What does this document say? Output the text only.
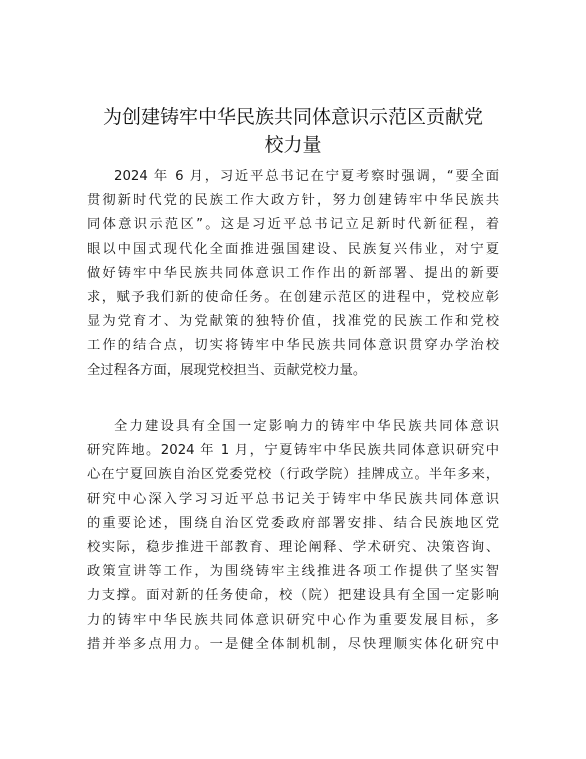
为创建铸牢中华民族共同体意识示范区贡献党
校力量
2024 年 6 月，习近平总书记在宁夏考察时强调，“要全面
贯彻新时代党的民族工作大政方针，努力创建铸牢中华民族共
同体意识示范区”。这是习近平总书记立足新时代新征程，着
眼以中国式现代化全面推进强国建设、民族复兴伟业，对宁夏
做好铸牢中华民族共同体意识工作作出的新部署、提出的新要
求，赋予我们新的使命任务。在创建示范区的进程中，党校应彰
显为党育才、为党献策的独特价值，找准党的民族工作和党校
工作的结合点，切实将铸牢中华民族共同体意识贯穿办学治校
全过程各方面，展现党校担当、贡献党校力量。
全力建设具有全国一定影响力的铸牢中华民族共同体意识
研究阵地。2024 年 1 月，宁夏铸牢中华民族共同体意识研究中
心在宁夏回族自治区党委党校（行政学院）挂牌成立。半年多来，
研究中心深入学习习近平总书记关于铸牢中华民族共同体意识
的重要论述，围绕自治区党委政府部署安排、结合民族地区党
校实际，稳步推进干部教育、理论阐释、学术研究、决策咨询、
政策宣讲等工作，为围绕铸牢主线推进各项工作提供了坚实智
力支撑。面对新的任务使命，校（院）把建设具有全国一定影响
力的铸牢中华民族共同体意识研究中心作为重要发展目标，多
措并举多点用力。一是健全体制机制，尽快理顺实体化研究中
